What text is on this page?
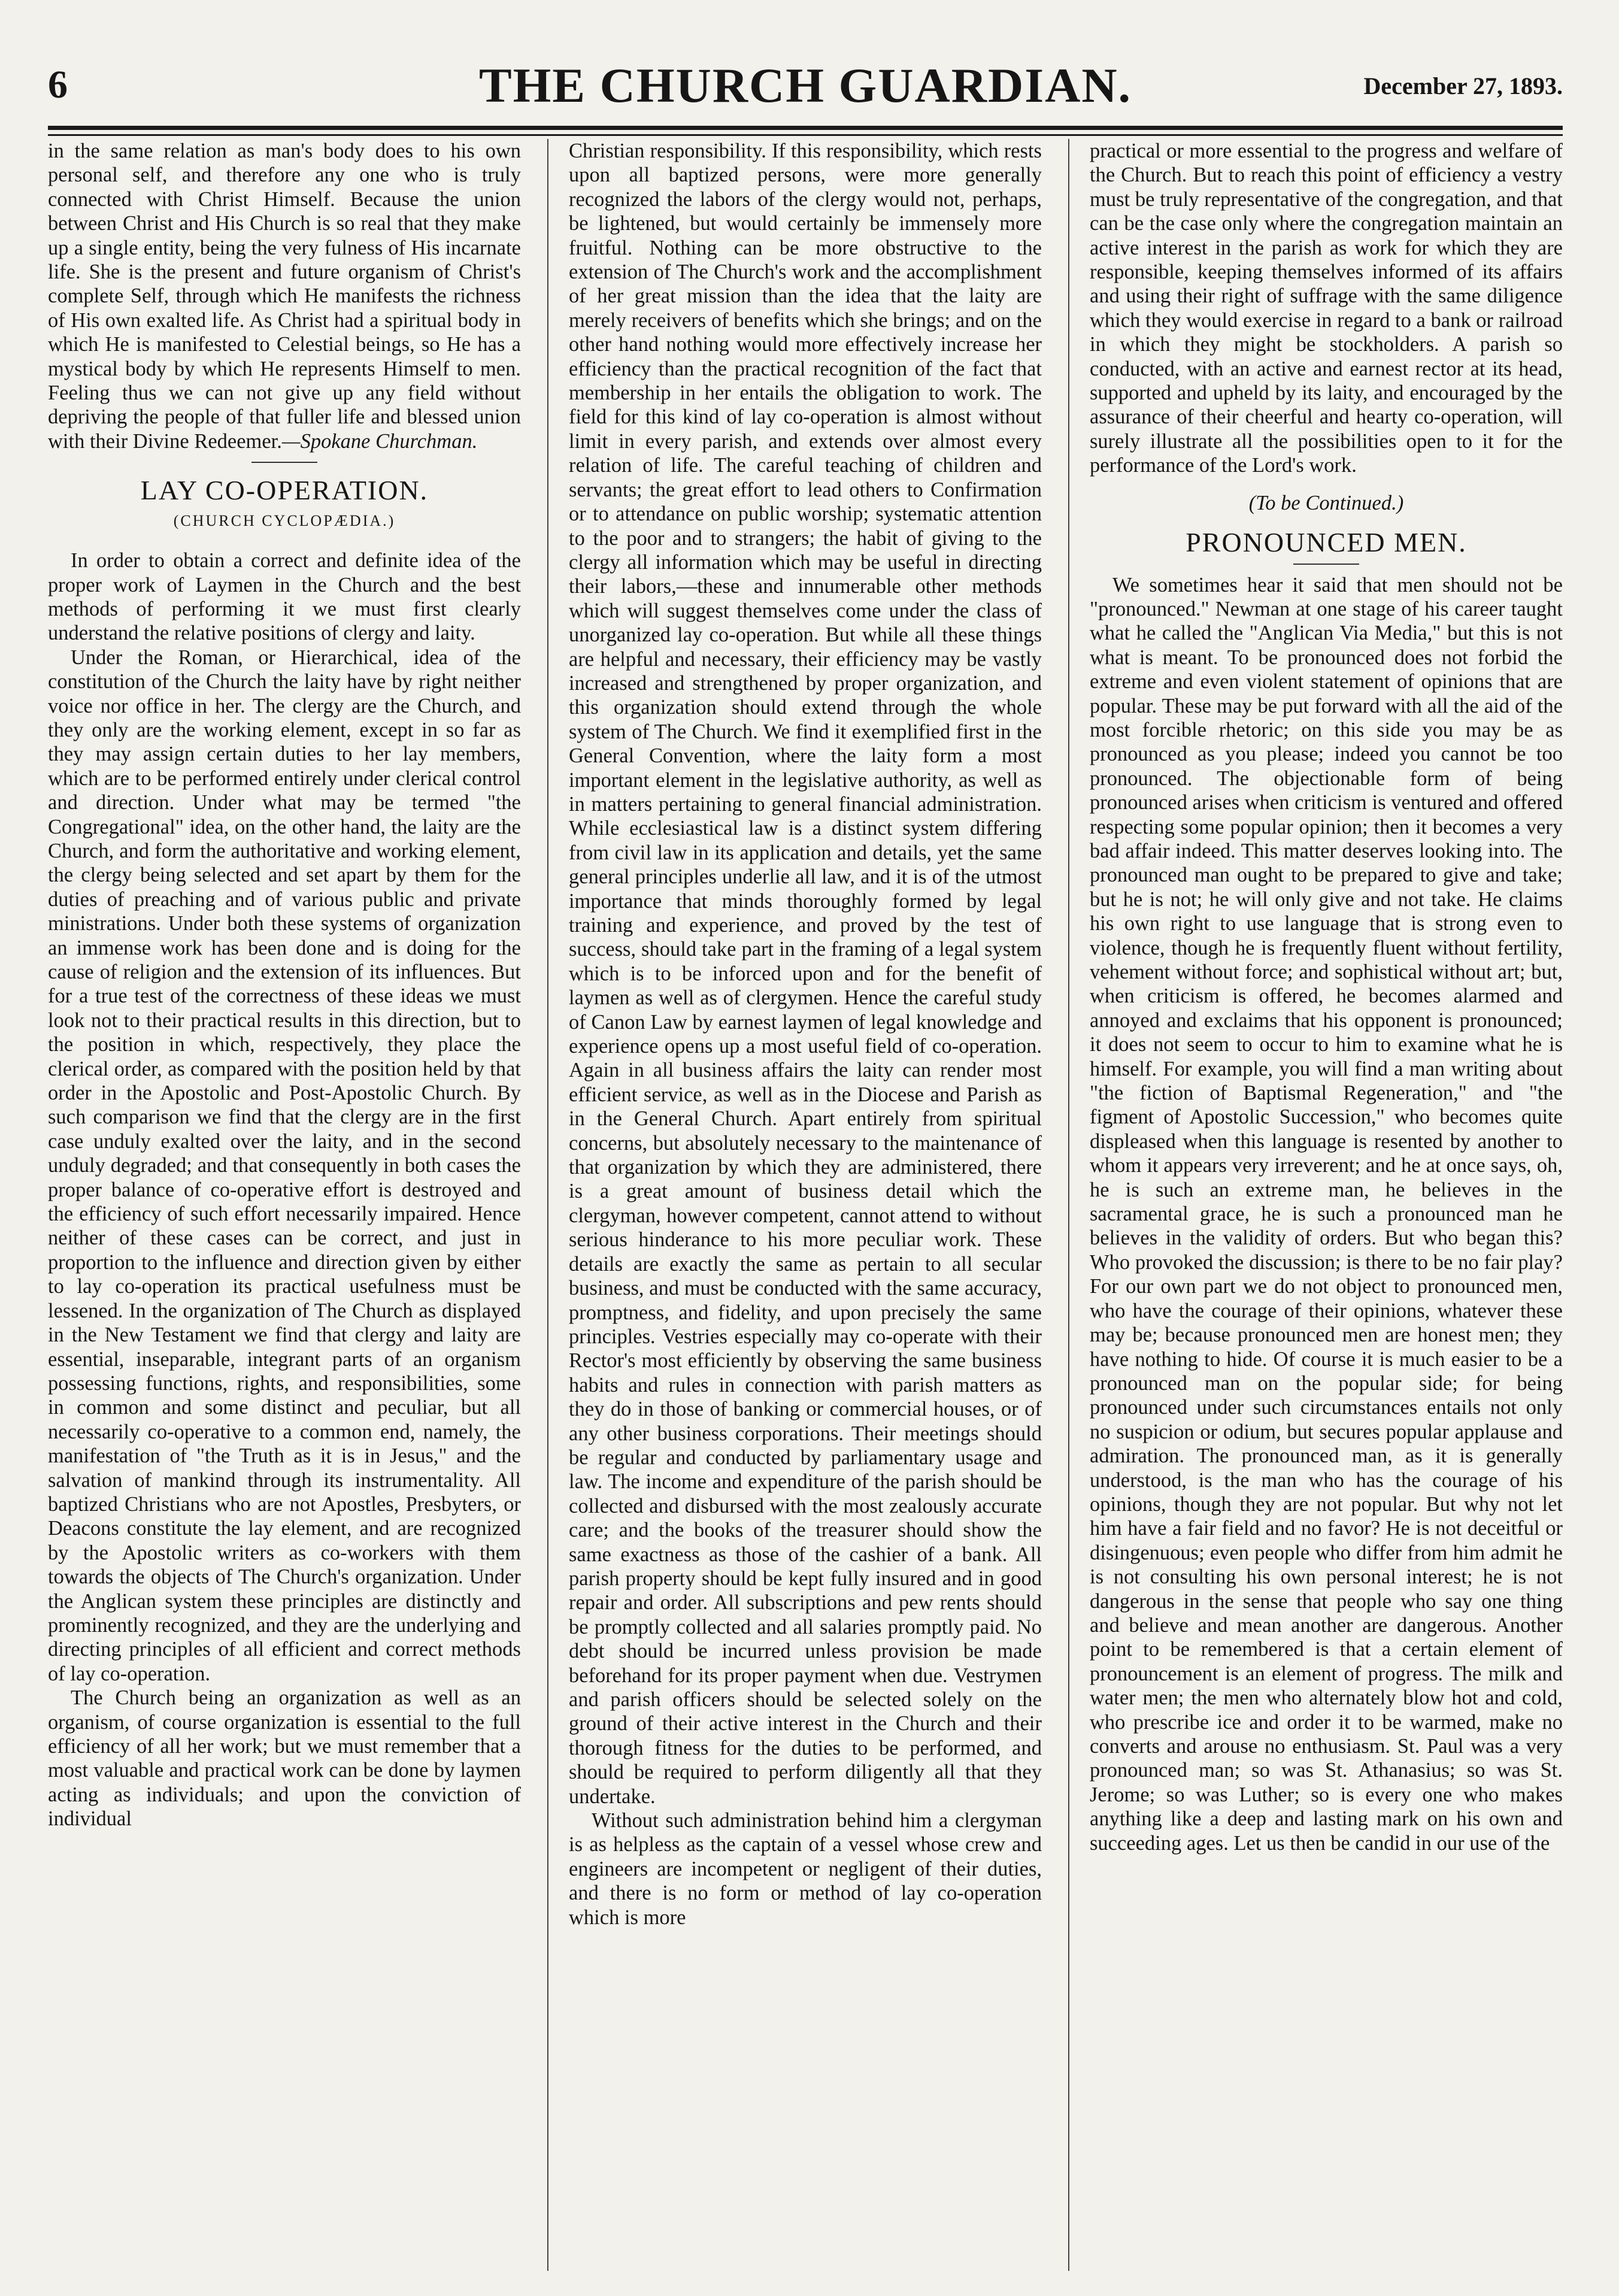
6	THE CHURCH GUARDIAN.	December 27, 1893.

in the same relation as man's body does to his own personal self, and therefore any one who is truly connected with Christ Himself. Because the union between Christ and His Church is so real that they make up a single entity, being the very fulness of His incarnate life. She is the present and future organism of Christ's complete Self, through which He manifests the richness of His own exalted life. As Christ had a spiritual body in which He is manifested to Celestial beings, so He has a mystical body by which He represents Himself to men. Feeling thus we can not give up any field without depriving the people of that fuller life and blessed union with their Divine Redeemer.—Spokane Churchman.

LAY CO-OPERATION.
(CHURCH CYCLOPÆDIA.)

In order to obtain a correct and definite idea of the proper work of Laymen in the Church and the best methods of performing it we must first clearly understand the relative positions of clergy and laity.

Under the Roman, or Hierarchical, idea of the constitution of the Church the laity have by right neither voice nor office in her. The clergy are the Church, and they only are the working element, except in so far as they may assign certain duties to her lay members, which are to be performed entirely under clerical control and direction. Under what may be termed "the Congregational" idea, on the other hand, the laity are the Church, and form the authoritative and working element, the clergy being selected and set apart by them for the duties of preaching and of various public and private ministrations. Under both these systems of organization an immense work has been done and is doing for the cause of religion and the extension of its influences. But for a true test of the correctness of these ideas we must look not to their practical results in this direction, but to the position in which, respectively, they place the clerical order, as compared with the position held by that order in the Apostolic and Post-Apostolic Church. By such comparison we find that the clergy are in the first case unduly exalted over the laity, and in the second unduly degraded; and that consequently in both cases the proper balance of co-operative effort is destroyed and the efficiency of such effort necessarily impaired. Hence neither of these cases can be correct, and just in proportion to the influence and direction given by either to lay co-operation its practical usefulness must be lessened. In the organization of The Church as displayed in the New Testament we find that clergy and laity are essential, inseparable, integrant parts of an organism possessing functions, rights, and responsibilities, some in common and some distinct and peculiar, but all necessarily co-operative to a common end, namely, the manifestation of "the Truth as it is in Jesus," and the salvation of mankind through its instrumentality. All baptized Christians who are not Apostles, Presbyters, or Deacons constitute the lay element, and are recognized by the Apostolic writers as co-workers with them towards the objects of The Church's organization. Under the Anglican system these principles are distinctly and prominently recognized, and they are the underlying and directing principles of all efficient and correct methods of lay co-operation.

The Church being an organization as well as an organism, of course organization is essential to the full efficiency of all her work; but we must remember that a most valuable and practical work can be done by laymen acting as individuals; and upon the conviction of individual

Christian responsibility. If this responsibility, which rests upon all baptized persons, were more generally recognized the labors of the clergy would not, perhaps, be lightened, but would certainly be immensely more fruitful. Nothing can be more obstructive to the extension of The Church's work and the accomplishment of her great mission than the idea that the laity are merely receivers of benefits which she brings; and on the other hand nothing would more effectively increase her efficiency than the practical recognition of the fact that membership in her entails the obligation to work. The field for this kind of lay co-operation is almost without limit in every parish, and extends over almost every relation of life. The careful teaching of children and servants; the great effort to lead others to Confirmation or to attendance on public worship; systematic attention to the poor and to strangers; the habit of giving to the clergy all information which may be useful in directing their labors,—these and innumerable other methods which will suggest themselves come under the class of unorganized lay co-operation. But while all these things are helpful and necessary, their efficiency may be vastly increased and strengthened by proper organization, and this organization should extend through the whole system of The Church. We find it exemplified first in the General Convention, where the laity form a most important element in the legislative authority, as well as in matters pertaining to general financial administration. While ecclesiastical law is a distinct system differing from civil law in its application and details, yet the same general principles underlie all law, and it is of the utmost importance that minds thoroughly formed by legal training and experience, and proved by the test of success, should take part in the framing of a legal system which is to be inforced upon and for the benefit of laymen as well as of clergymen. Hence the careful study of Canon Law by earnest laymen of legal knowledge and experience opens up a most useful field of co-operation. Again in all business affairs the laity can render most efficient service, as well as in the Diocese and Parish as in the General Church. Apart entirely from spiritual concerns, but absolutely necessary to the maintenance of that organization by which they are administered, there is a great amount of business detail which the clergyman, however competent, cannot attend to without serious hinderance to his more peculiar work. These details are exactly the same as pertain to all secular business, and must be conducted with the same accuracy, promptness, and fidelity, and upon precisely the same principles. Vestries especially may co-operate with their Rector's most efficiently by observing the same business habits and rules in connection with parish matters as they do in those of banking or commercial houses, or of any other business corporations. Their meetings should be regular and conducted by parliamentary usage and law. The income and expenditure of the parish should be collected and disbursed with the most zealously accurate care; and the books of the treasurer should show the same exactness as those of the cashier of a bank. All parish property should be kept fully insured and in good repair and order. All subscriptions and pew rents should be promptly collected and all salaries promptly paid. No debt should be incurred unless provision be made beforehand for its proper payment when due. Vestrymen and parish officers should be selected solely on the ground of their active interest in the Church and their thorough fitness for the duties to be performed, and should be required to perform diligently all that they undertake.

Without such administration behind him a clergyman is as helpless as the captain of a vessel whose crew and engineers are incompetent or negligent of their duties, and there is no form or method of lay co-operation which is more

practical or more essential to the progress and welfare of the Church. But to reach this point of efficiency a vestry must be truly representative of the congregation, and that can be the case only where the congregation maintain an active interest in the parish as work for which they are responsible, keeping themselves informed of its affairs and using their right of suffrage with the same diligence which they would exercise in regard to a bank or railroad in which they might be stockholders. A parish so conducted, with an active and earnest rector at its head, supported and upheld by its laity, and encouraged by the assurance of their cheerful and hearty co-operation, will surely illustrate all the possibilities open to it for the performance of the Lord's work.

(To be Continued.)
PRONOUNCED MEN.

We sometimes hear it said that men should not be "pronounced." Newman at one stage of his career taught what he called the "Anglican Via Media," but this is not what is meant. To be pronounced does not forbid the extreme and even violent statement of opinions that are popular. These may be put forward with all the aid of the most forcible rhetoric; on this side you may be as pronounced as you please; indeed you cannot be too pronounced. The objectionable form of being pronounced arises when criticism is ventured and offered respecting some popular opinion; then it becomes a very bad affair indeed. This matter deserves looking into. The pronounced man ought to be prepared to give and take; but he is not; he will only give and not take. He claims his own right to use language that is strong even to violence, though he is frequently fluent without fertility, vehement without force; and sophistical without art; but, when criticism is offered, he becomes alarmed and annoyed and exclaims that his opponent is pronounced; it does not seem to occur to him to examine what he is himself. For example, you will find a man writing about "the fiction of Baptismal Regeneration," and "the figment of Apostolic Succession," who becomes quite displeased when this language is resented by another to whom it appears very irreverent; and he at once says, oh, he is such an extreme man, he believes in the sacramental grace, he is such a pronounced man he believes in the validity of orders. But who began this? Who provoked the discussion; is there to be no fair play? For our own part we do not object to pronounced men, who have the courage of their opinions, whatever these may be; because pronounced men are honest men; they have nothing to hide. Of course it is much easier to be a pronounced man on the popular side; for being pronounced under such circumstances entails not only no suspicion or odium, but secures popular applause and admiration. The pronounced man, as it is generally understood, is the man who has the courage of his opinions, though they are not popular. But why not let him have a fair field and no favor? He is not deceitful or disingenuous; even people who differ from him admit he is not consulting his own personal interest; he is not dangerous in the sense that people who say one thing and believe and mean another are dangerous. Another point to be remembered is that a certain element of pronouncement is an element of progress. The milk and water men; the men who alternately blow hot and cold, who prescribe ice and order it to be warmed, make no converts and arouse no enthusiasm. St. Paul was a very pronounced man; so was St. Athanasius; so was St. Jerome; so was Luther; so is every one who makes anything like a deep and lasting mark on his own and succeeding ages. Let us then be candid in our use of the
